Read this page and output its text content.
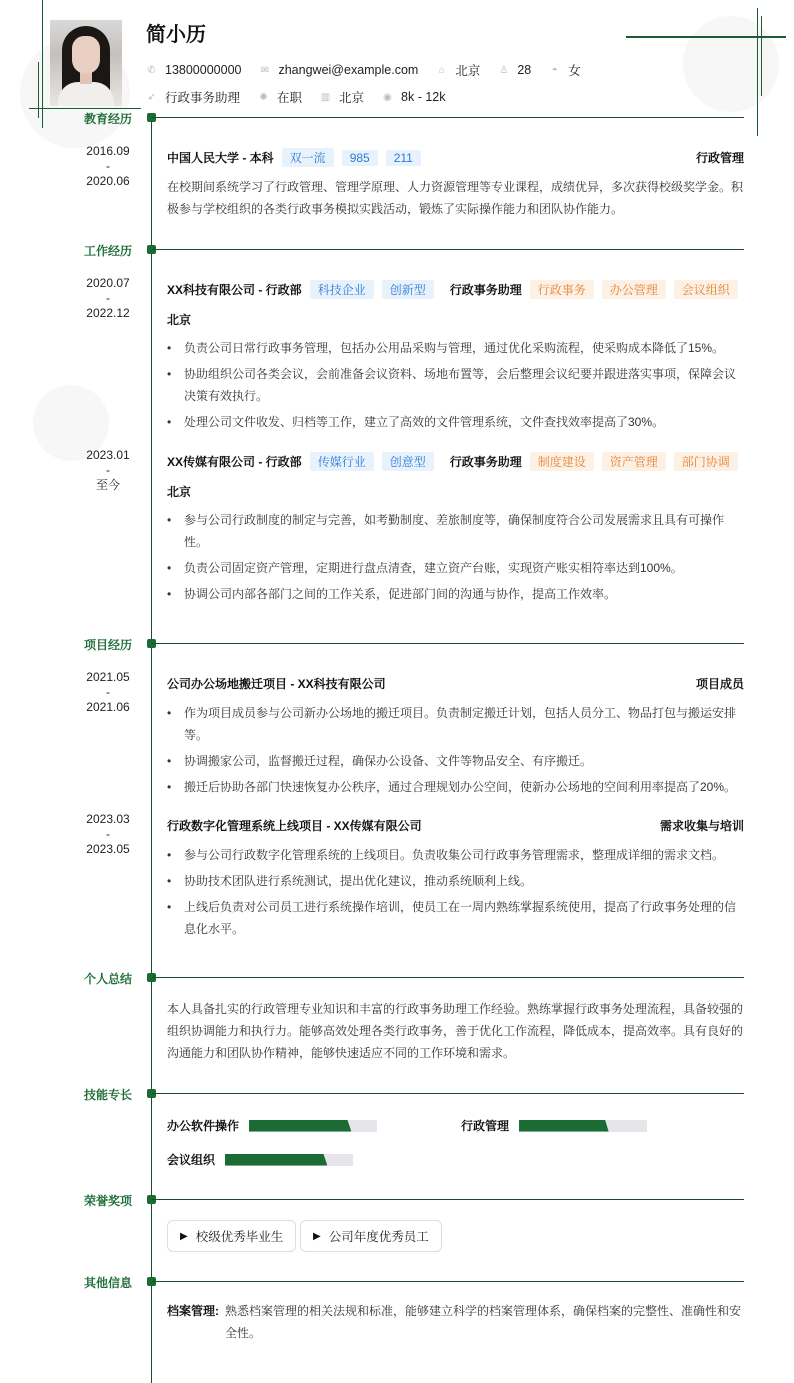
简小历
✆ 13800000000 ✉ zhangwei@example.com ⌂ 北京 ♙ 28 ◓ 女
➶ 行政事务助理 ✺ 在职 ▥ 北京 ◉ 8k - 12k
教育经历
2016.09
-
2020.06
中国人民大学 - 本科	双一流	985	211	行政管理
在校期间系统学习了行政管理、管理学原理、人力资源管理等专业课程，成绩优异，多次获得校级奖学金。积极参与学校组织的各类行政事务模拟实践活动，锻炼了实际操作能力和团队协作能力。
工作经历
2020.07
-
2022.12
XX科技有限公司 - 行政部	科技企业	创新型	行政事务助理	行政事务	办公管理	会议组织
北京
• 负责公司日常行政事务管理，包括办公用品采购与管理，通过优化采购流程，使采购成本降低了15%。
• 协助组织公司各类会议，会前准备会议资料、场地布置等，会后整理会议纪要并跟进落实事项，保障会议决策有效执行。
• 处理公司文件收发、归档等工作，建立了高效的文件管理系统，文件查找效率提高了30%。
2023.01
-
至今
XX传媒有限公司 - 行政部	传媒行业	创意型	行政事务助理	制度建设	资产管理	部门协调
北京
• 参与公司行政制度的制定与完善，如考勤制度、差旅制度等，确保制度符合公司发展需求且具有可操作性。
• 负责公司固定资产管理，定期进行盘点清查，建立资产台账，实现资产账实相符率达到100%。
• 协调公司内部各部门之间的工作关系，促进部门间的沟通与协作，提高工作效率。
项目经历
2021.05
-
2021.06
公司办公场地搬迁项目 - XX科技有限公司	项目成员
• 作为项目成员参与公司新办公场地的搬迁项目。负责制定搬迁计划，包括人员分工、物品打包与搬运安排等。
• 协调搬家公司，监督搬迁过程，确保办公设备、文件等物品安全、有序搬迁。
• 搬迁后协助各部门快速恢复办公秩序，通过合理规划办公空间，使新办公场地的空间利用率提高了20%。
2023.03
-
2023.05
行政数字化管理系统上线项目 - XX传媒有限公司	需求收集与培训
• 参与公司行政数字化管理系统的上线项目。负责收集公司行政事务管理需求，整理成详细的需求文档。
• 协助技术团队进行系统测试，提出优化建议，推动系统顺利上线。
• 上线后负责对公司员工进行系统操作培训，使员工在一周内熟练掌握系统使用，提高了行政事务处理的信息化水平。
个人总结
本人具备扎实的行政管理专业知识和丰富的行政事务助理工作经验。熟练掌握行政事务处理流程，具备较强的组织协调能力和执行力。能够高效处理各类行政事务，善于优化工作流程，降低成本，提高效率。具有良好的沟通能力和团队协作精神，能够快速适应不同的工作环境和需求。
技能专长
办公软件操作	行政管理
会议组织
荣誉奖项
▶ 校级优秀毕业生	▶ 公司年度优秀员工
其他信息
档案管理: 熟悉档案管理的相关法规和标准，能够建立科学的档案管理体系，确保档案的完整性、准确性和安全性。
